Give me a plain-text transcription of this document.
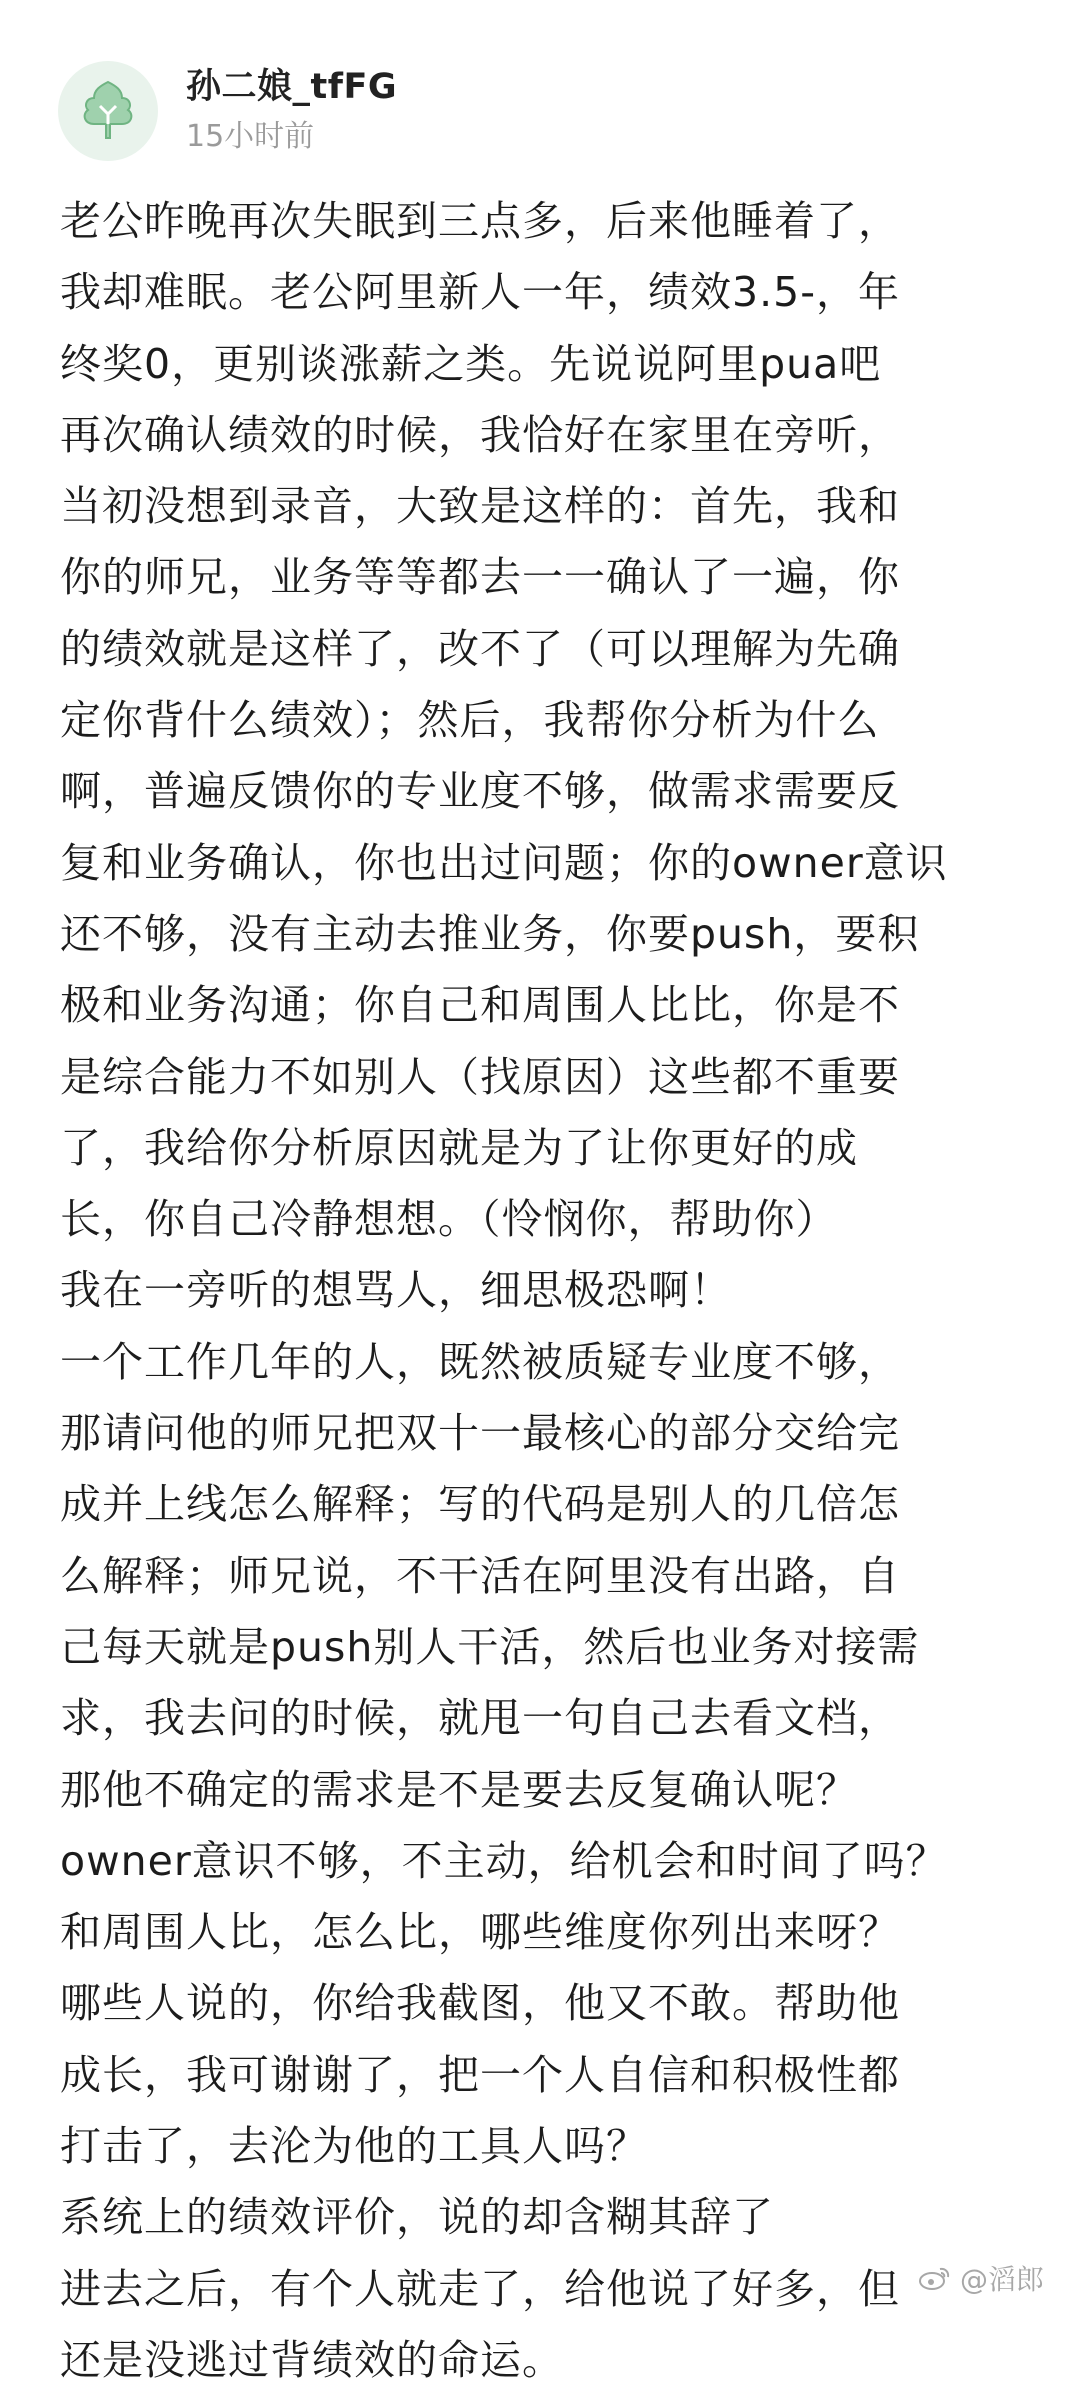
孙二娘_tfFG
15小时前
老公昨晚再次失眠到三点多，后来他睡着了，
我却难眠。老公阿里新人一年，绩效3.5-，年
终奖0，更别谈涨薪之类。先说说阿里pua吧
再次确认绩效的时候，我恰好在家里在旁听，
当初没想到录音，大致是这样的：首先，我和
你的师兄，业务等等都去一一确认了一遍，你
的绩效就是这样了，改不了（可以理解为先确
定你背什么绩效）；然后，我帮你分析为什么
啊，普遍反馈你的专业度不够，做需求需要反
复和业务确认，你也出过问题；你的owner意识
还不够，没有主动去推业务，你要push，要积
极和业务沟通；你自己和周围人比比，你是不
是综合能力不如别人（找原因）这些都不重要
了，我给你分析原因就是为了让你更好的成
长，你自己冷静想想。（怜悯你，帮助你）
我在一旁听的想骂人，细思极恐啊！
一个工作几年的人，既然被质疑专业度不够，
那请问他的师兄把双十一最核心的部分交给完
成并上线怎么解释；写的代码是别人的几倍怎
么解释；师兄说，不干活在阿里没有出路，自
己每天就是push别人干活，然后也业务对接需
求，我去问的时候，就甩一句自己去看文档，
那他不确定的需求是不是要去反复确认呢？
owner意识不够，不主动，给机会和时间了吗？
和周围人比，怎么比，哪些维度你列出来呀？
哪些人说的，你给我截图，他又不敢。帮助他
成长，我可谢谢了，把一个人自信和积极性都
打击了，去沦为他的工具人吗？
系统上的绩效评价，说的却含糊其辞了
进去之后，有个人就走了，给他说了好多，但
还是没逃过背绩效的命运。
@滔郎
